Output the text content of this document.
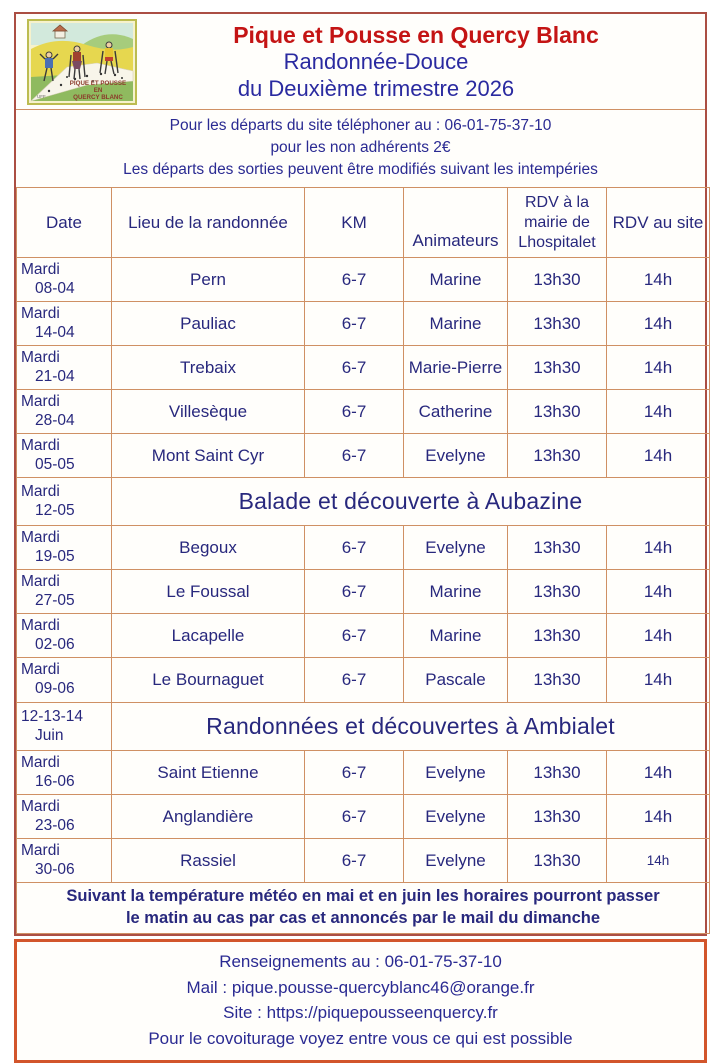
PIQUE ET POUSSE
EN
QUERCY BLANC
UFF
Pique et Pousse en Quercy Blanc
Randonnée-Douce
du Deuxième trimestre 2026
Pour les départs du site téléphoner au : 06-01-75-37-10
pour les non adhérents 2€
Les départs des sorties peuvent être modifiés suivant les intempéries
Date	Lieu de la randonnée	KM	Animateurs	RDV à la mairie de Lhospitalet	RDV au site
Mardi
08-04	Pern	6-7	Marine	13h30	14h
Mardi
14-04	Pauliac	6-7	Marine	13h30	14h
Mardi
21-04	Trebaix	6-7	Marie-Pierre	13h30	14h
Mardi
28-04	Villesèque	6-7	Catherine	13h30	14h
Mardi
05-05	Mont Saint Cyr	6-7	Evelyne	13h30	14h
Mardi
12-05	Balade et découverte à Aubazine				
Mardi
19-05	Begoux	6-7	Evelyne	13h30	14h
Mardi
27-05	Le Foussal	6-7	Marine	13h30	14h
Mardi
02-06	Lacapelle	6-7	Marine	13h30	14h
Mardi
09-06	Le Bournaguet	6-7	Pascale	13h30	14h
12-13-14
Juin	Randonnées et découvertes à Ambialet				
Mardi
16-06	Saint Etienne	6-7	Evelyne	13h30	14h
Mardi
23-06	Anglandière	6-7	Evelyne	13h30	14h
Mardi
30-06	Rassiel	6-7	Evelyne	13h30	14h

Suivant la température météo en mai et en juin les horaires pourront passer
le matin au cas par cas et annoncés par le mail du dimanche					
Renseignements au : 06-01-75-37-10
Mail : pique.pousse-quercyblanc46@orange.fr
Site : https://piquepousseenquercy.fr
Pour le covoiturage voyez entre vous ce qui est possible
